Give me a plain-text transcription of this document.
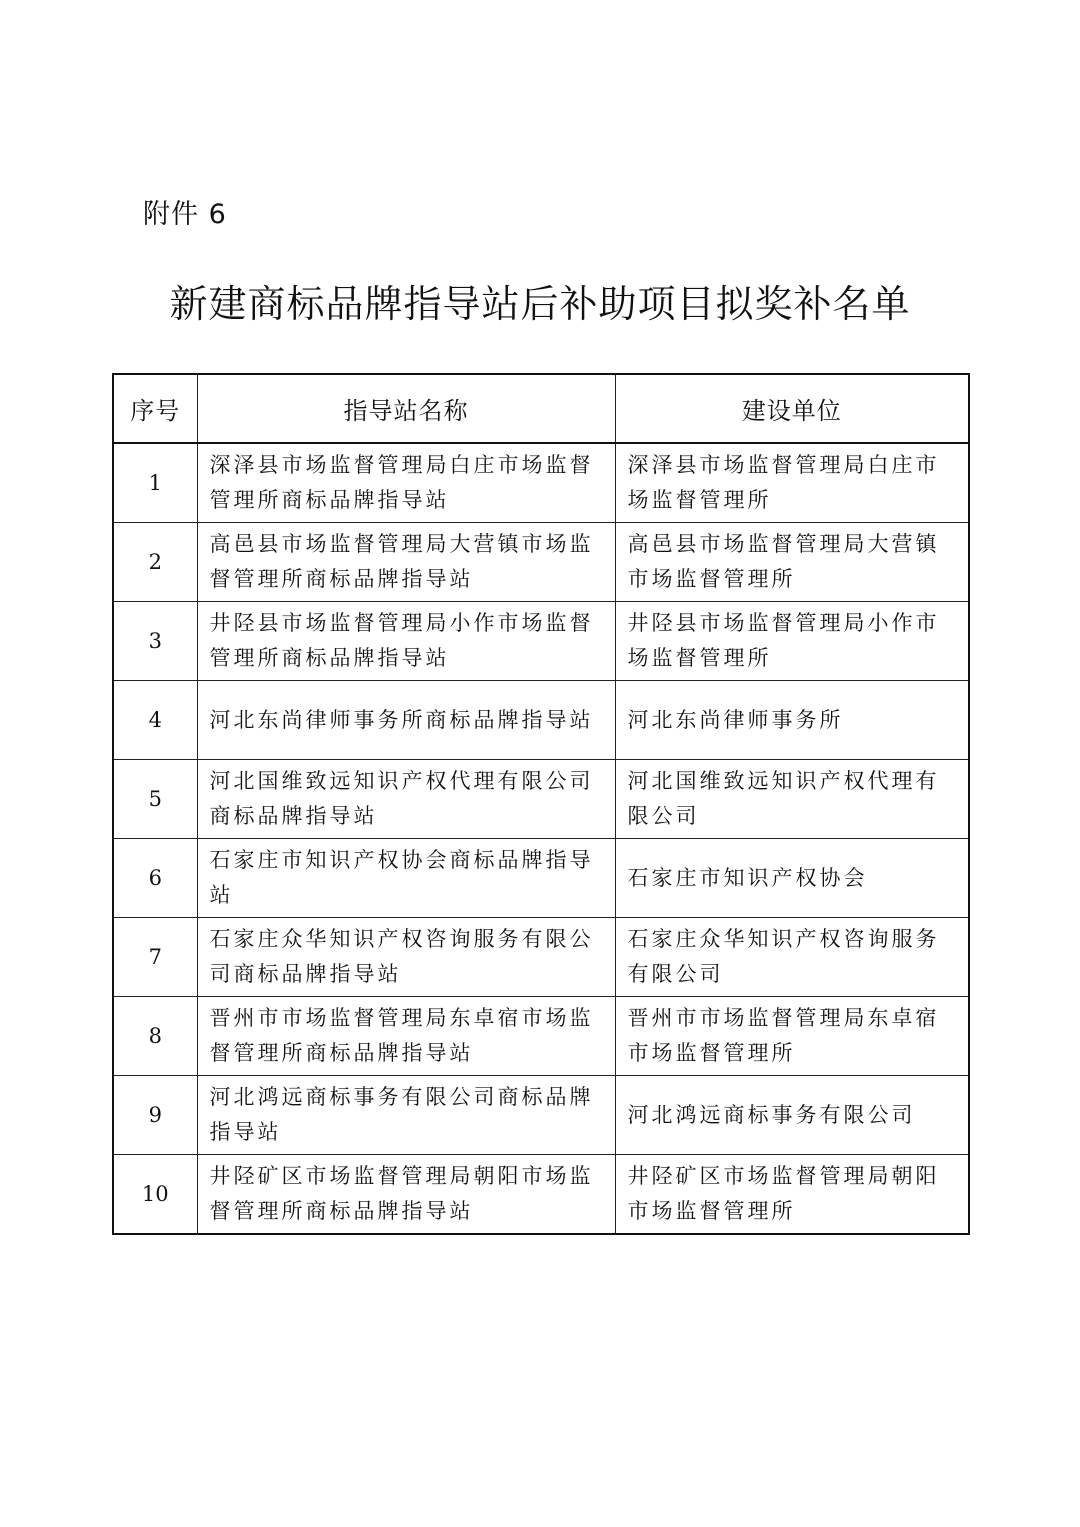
附件 6
新建商标品牌指导站后补助项目拟奖补名单
序号	指导站名称	建设单位
1	深泽县市场监督管理局白庄市场监督管理所商标品牌指导站	深泽县市场监督管理局白庄市场监督管理所
2	高邑县市场监督管理局大营镇市场监督管理所商标品牌指导站	高邑县市场监督管理局大营镇市场监督管理所
3	井陉县市场监督管理局小作市场监督管理所商标品牌指导站	井陉县市场监督管理局小作市场监督管理所
4	河北东尚律师事务所商标品牌指导站	河北东尚律师事务所
5	河北国维致远知识产权代理有限公司商标品牌指导站	河北国维致远知识产权代理有限公司
6	石家庄市知识产权协会商标品牌指导站	石家庄市知识产权协会
7	石家庄众华知识产权咨询服务有限公司商标品牌指导站	石家庄众华知识产权咨询服务有限公司
8	晋州市市场监督管理局东卓宿市场监督管理所商标品牌指导站	晋州市市场监督管理局东卓宿市场监督管理所
9	河北鸿远商标事务有限公司商标品牌指导站	河北鸿远商标事务有限公司
10	井陉矿区市场监督管理局朝阳市场监督管理所商标品牌指导站	井陉矿区市场监督管理局朝阳市场监督管理所
